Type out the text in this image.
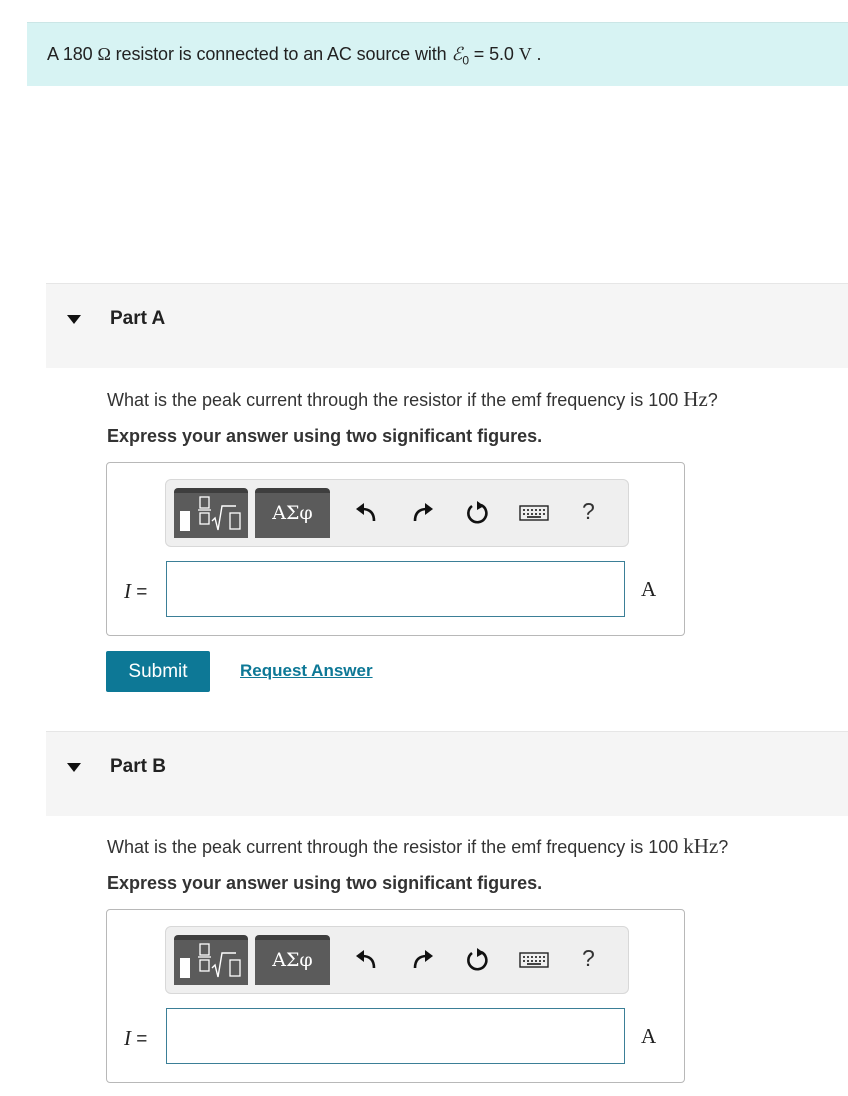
A 180 Ω resistor is connected to an AC source with ℰ$_0$ = 5.0 V .
Part A
What is the peak current through the resistor if the emf frequency is 100 Hz?
Express your answer using two significant figures.
ΑΣφ	?
I =	A
Submit	Request Answer
Part B
What is the peak current through the resistor if the emf frequency is 100 kHz?
Express your answer using two significant figures.
ΑΣφ	?
I =	A
